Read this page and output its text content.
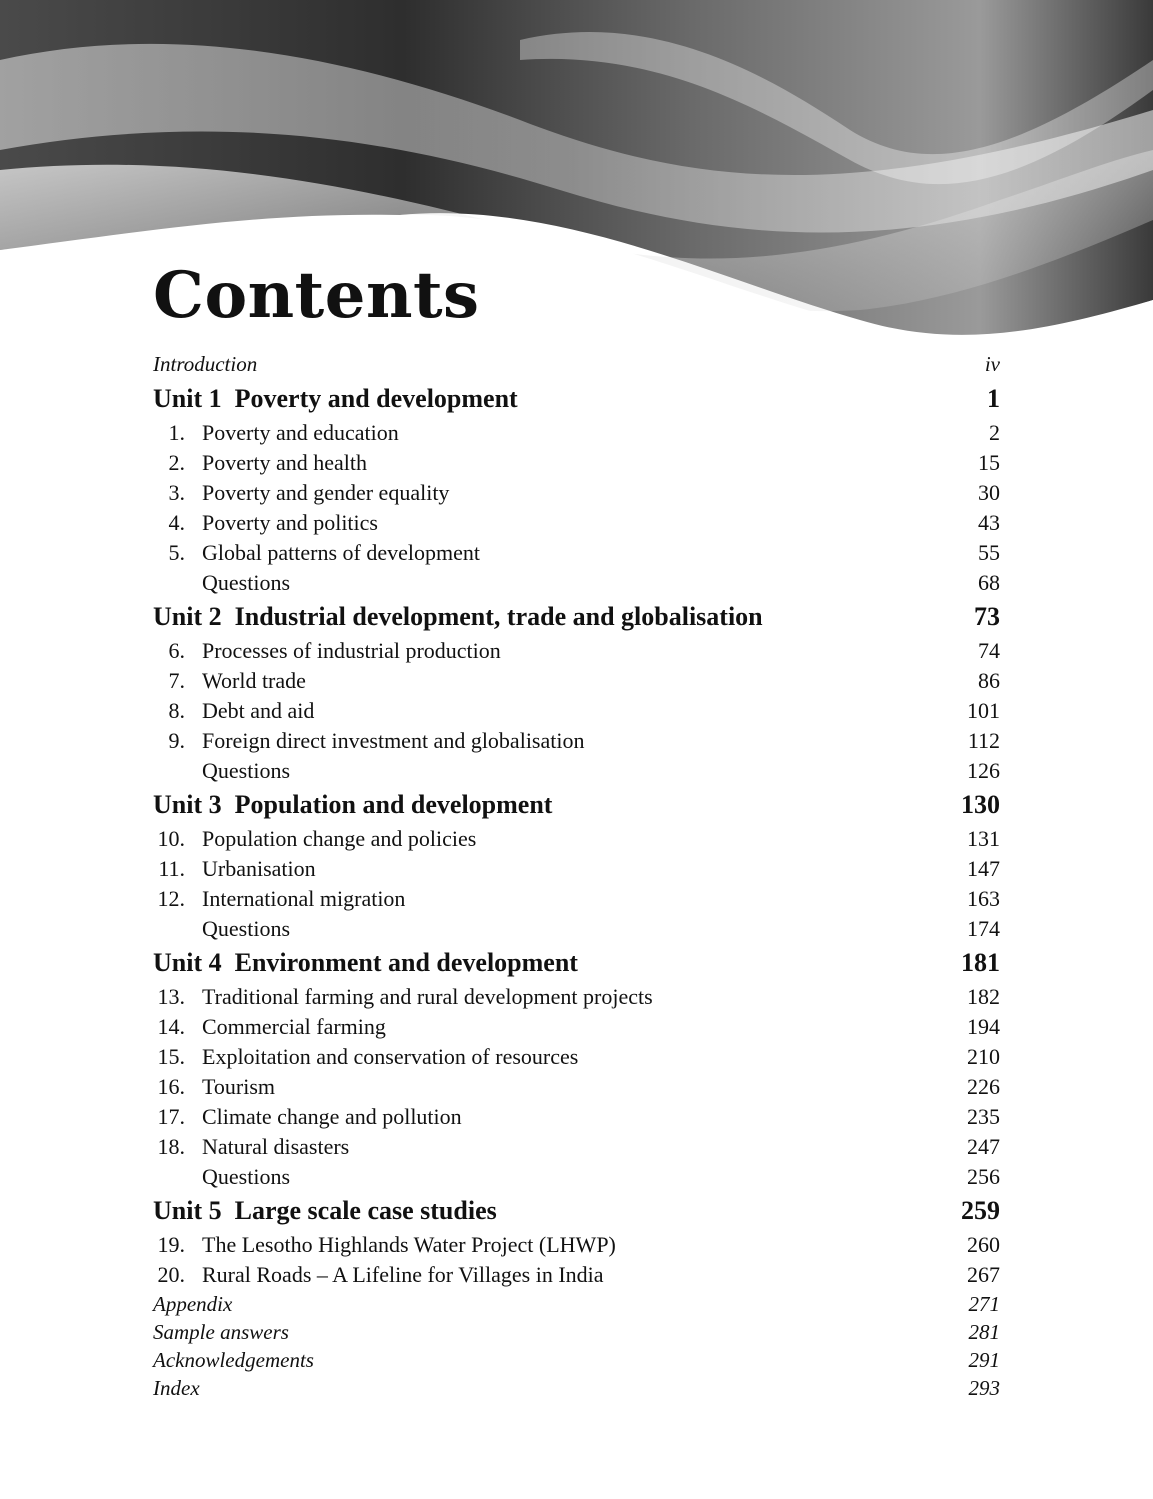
Contents
Introduction	iv
Unit 1  Poverty and development	1
1. Poverty and education	2
2. Poverty and health	15
3. Poverty and gender equality	30
4. Poverty and politics	43
5. Global patterns of development	55
Questions	68
Unit 2  Industrial development, trade and globalisation	73
6. Processes of industrial production	74
7. World trade	86
8. Debt and aid	101
9. Foreign direct investment and globalisation	112
Questions	126
Unit 3  Population and development	130
10. Population change and policies	131
11. Urbanisation	147
12. International migration	163
Questions	174
Unit 4  Environment and development	181
13. Traditional farming and rural development projects	182
14. Commercial farming	194
15. Exploitation and conservation of resources	210
16. Tourism	226
17. Climate change and pollution	235
18. Natural disasters	247
Questions	256
Unit 5  Large scale case studies	259
19. The Lesotho Highlands Water Project (LHWP)	260
20. Rural Roads – A Lifeline for Villages in India	267
Appendix	271
Sample answers	281
Acknowledgements	291
Index	293
